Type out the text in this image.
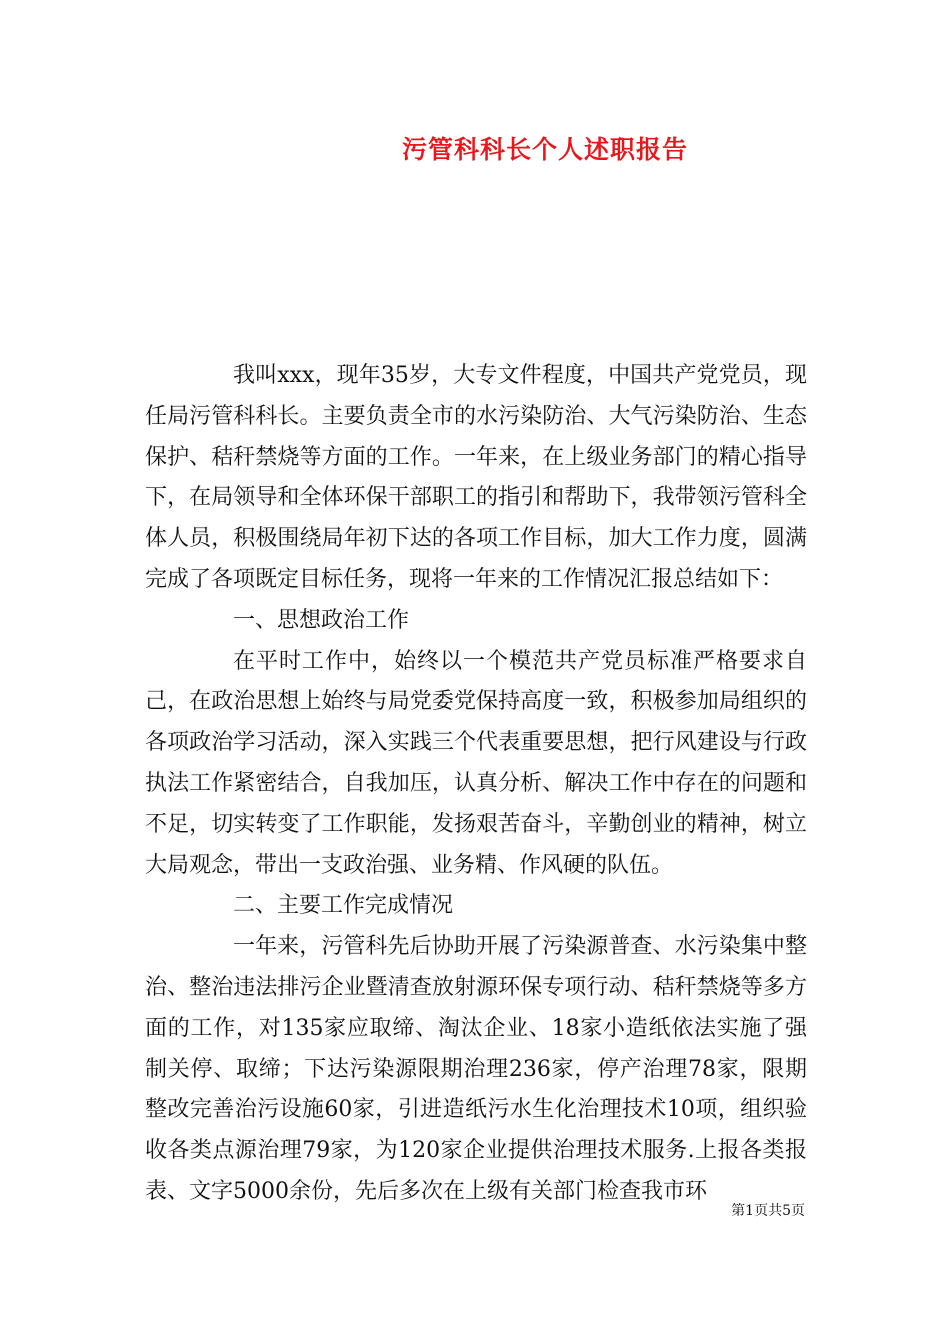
污管科科长个人述职报告

我叫xxx，现年35岁，大专文件程度，中国共产党党员，现任局污管科科长。主要负责全市的水污染防治、大气污染防治、生态保护、秸秆禁烧等方面的工作。一年来，在上级业务部门的精心指导下，在局领导和全体环保干部职工的指引和帮助下，我带领污管科全体人员，积极围绕局年初下达的各项工作目标，加大工作力度，圆满完成了各项既定目标任务，现将一年来的工作情况汇报总结如下：

一、思想政治工作

在平时工作中，始终以一个模范共产党员标准严格要求自己，在政治思想上始终与局党委党保持高度一致，积极参加局组织的各项政治学习活动，深入实践三个代表重要思想，把行风建设与行政执法工作紧密结合，自我加压，认真分析、解决工作中存在的问题和不足，切实转变了工作职能，发扬艰苦奋斗，辛勤创业的精神，树立大局观念，带出一支政治强、业务精、作风硬的队伍。

二、主要工作完成情况

一年来，污管科先后协助开展了污染源普查、水污染集中整治、整治违法排污企业暨清查放射源环保专项行动、秸秆禁烧等多方面的工作，对135家应取缔、淘汰企业、18家小造纸依法实施了强制关停、取缔；下达污染源限期治理236家，停产治理78家，限期整改完善治污设施60家，引进造纸污水生化治理技术10项，组织验收各类点源治理79家，为120家企业提供治理技术服务.上报各类报表、文字5000余份，先后多次在上级有关部门检查我市环

第1页共5页
